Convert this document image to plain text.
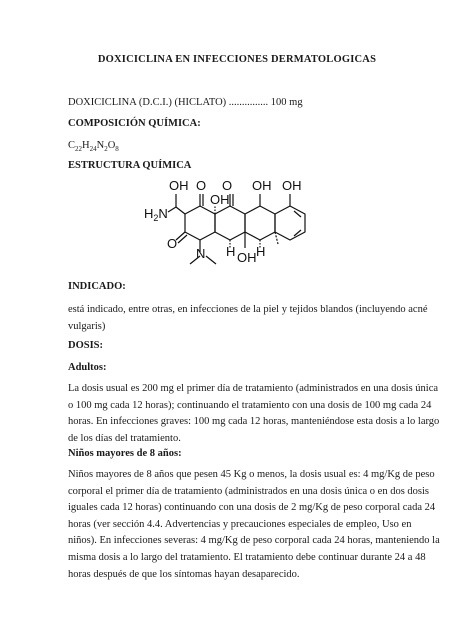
DOXICICLINA EN INFECCIONES DERMATOLOGICAS
DOXICICLINA (D.C.I.) (HICLATO) ............... 100 mg
COMPOSICIÓN QUÍMICA:
$C_{22}H_{24}N_2O_8$
ESTRUCTURA QUÍMICA
OH O O
OH
OH OH
$H_2N$
O
N H OH H
INDICADO:
está indicado, entre otras, en infecciones de la piel y tejidos blandos (incluyendo acné
vulgaris)
DOSIS:
Adultos:
La dosis usual es 200 mg el primer día de tratamiento (administrados en una dosis única
o 100 mg cada 12 horas); continuando el tratamiento con una dosis de 100 mg cada 24
horas. En infecciones graves: 100 mg cada 12 horas, manteniéndose esta dosis a lo largo
de los días del tratamiento.
Niños mayores de 8 años:
Niños mayores de 8 años que pesen 45 Kg o menos, la dosis usual es: 4 mg/Kg de peso
corporal el primer día de tratamiento (administrados en una dosis única o en dos dosis
iguales cada 12 horas) continuando con una dosis de 2 mg/Kg de peso corporal cada 24
horas (ver sección 4.4. Advertencias y precauciones especiales de empleo, Uso en
niños). En infecciones severas: 4 mg/Kg de peso corporal cada 24 horas, manteniendo la
misma dosis a lo largo del tratamiento. El tratamiento debe continuar durante 24 a 48
horas después de que los síntomas hayan desaparecido.
